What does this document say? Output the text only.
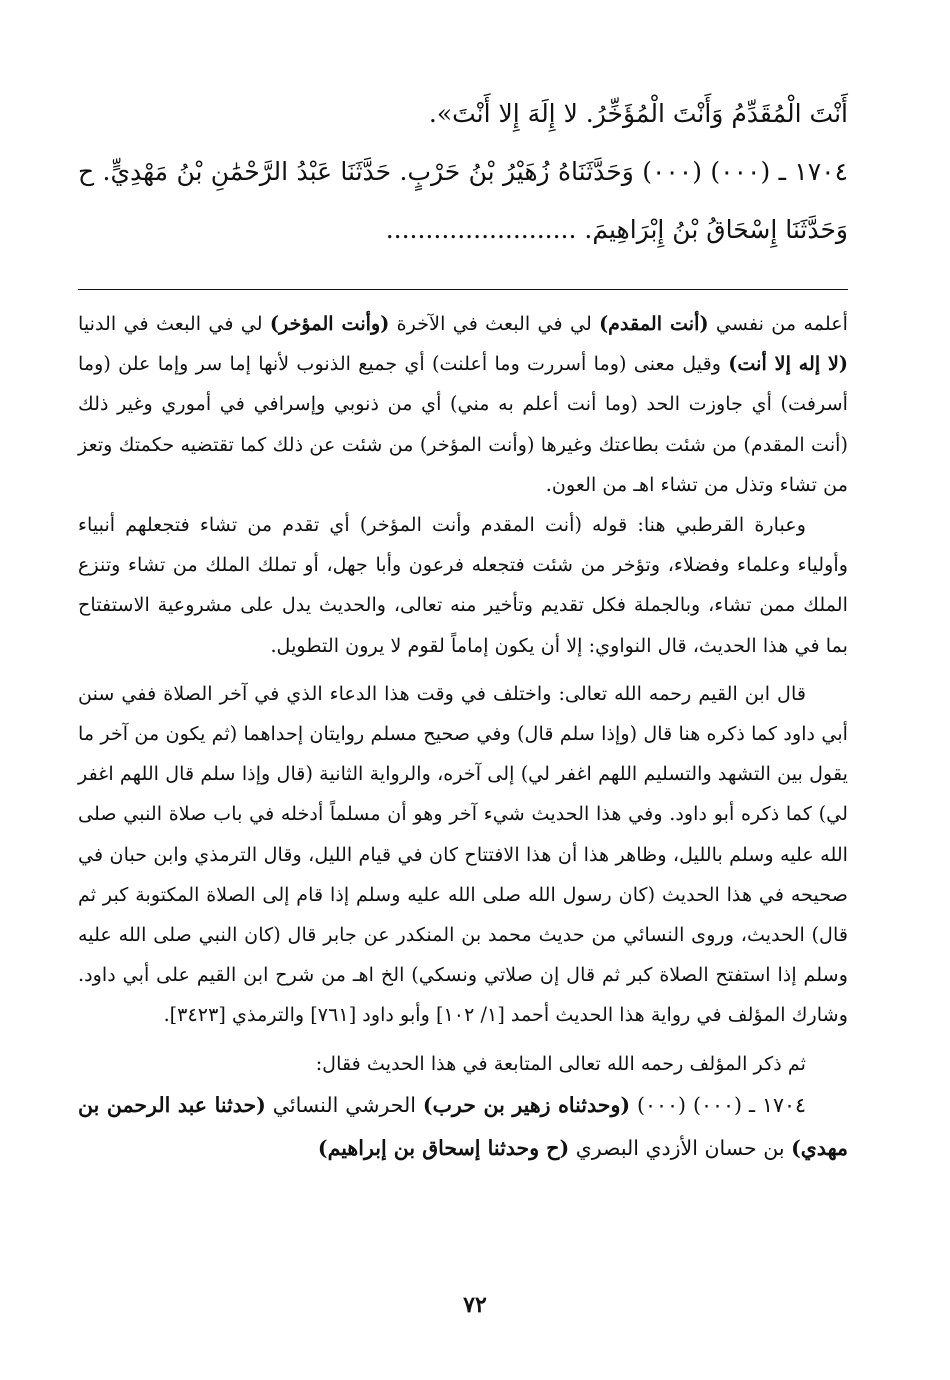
أَنْتَ الْمُقَدِّمُ وَأَنْتَ الْمُؤَخِّرُ. لا إِلَهَ إِلا أَنْتَ».

١٧٠٤ ـ (٠٠٠) (٠٠٠) وَحَدَّثَنَاهُ زُهَيْرُ بْنُ حَرْبٍ. حَدَّثَنَا عَبْدُ الرَّحْمَٰنِ بْنُ مَهْدِيٍّ. ح وَحَدَّثَنَا إِسْحَاقُ بْنُ إِبْرَاهِيمَ. ........................

أعلمه من نفسي (أنت المقدم) لي في البعث في الآخرة (وأنت المؤخر) لي في البعث في الدنيا (لا إله إلا أنت) وقيل معنى (وما أسررت وما أعلنت) أي جميع الذنوب لأنها إما سر وإما علن (وما أسرفت) أي جاوزت الحد (وما أنت أعلم به مني) أي من ذنوبي وإسرافي في أموري وغير ذلك (أنت المقدم) من شئت بطاعتك وغيرها (وأنت المؤخر) من شئت عن ذلك كما تقتضيه حكمتك وتعز من تشاء وتذل من تشاء اهـ من العون.

وعبارة القرطبي هنا: قوله (أنت المقدم وأنت المؤخر) أي تقدم من تشاء فتجعلهم أنبياء وأولياء وعلماء وفضلاء، وتؤخر من شئت فتجعله فرعون وأبا جهل، أو تملك الملك من تشاء وتنزع الملك ممن تشاء، وبالجملة فكل تقديم وتأخير منه تعالى، والحديث يدل على مشروعية الاستفتاح بما في هذا الحديث، قال النواوي: إلا أن يكون إماماً لقوم لا يرون التطويل.

قال ابن القيم رحمه الله تعالى: واختلف في وقت هذا الدعاء الذي في آخر الصلاة ففي سنن أبي داود كما ذكره هنا قال (وإذا سلم قال) وفي صحيح مسلم روايتان إحداهما (ثم يكون من آخر ما يقول بين التشهد والتسليم اللهم اغفر لي) إلى آخره، والرواية الثانية (قال وإذا سلم قال اللهم اغفر لي) كما ذكره أبو داود. وفي هذا الحديث شيء آخر وهو أن مسلماً أدخله في باب صلاة النبي صلى الله عليه وسلم بالليل، وظاهر هذا أن هذا الافتتاح كان في قيام الليل، وقال الترمذي وابن حبان في صحيحه في هذا الحديث (كان رسول الله صلى الله عليه وسلم إذا قام إلى الصلاة المكتوبة كبر ثم قال) الحديث، وروى النسائي من حديث محمد بن المنكدر عن جابر قال (كان النبي صلى الله عليه وسلم إذا استفتح الصلاة كبر ثم قال إن صلاتي ونسكي) الخ اهـ من شرح ابن القيم على أبي داود. وشارك المؤلف في رواية هذا الحديث أحمد [١/ ١٠٢] وأبو داود [٧٦١] والترمذي [٣٤٢٣].

ثم ذكر المؤلف رحمه الله تعالى المتابعة في هذا الحديث فقال:

١٧٠٤ ـ (٠٠٠) (٠٠٠) (وحدثناه زهير بن حرب) الحرشي النسائي (حدثنا عبد الرحمن بن مهدي) بن حسان الأزدي البصري (ح وحدثنا إسحاق بن إبراهيم)

٧٢
